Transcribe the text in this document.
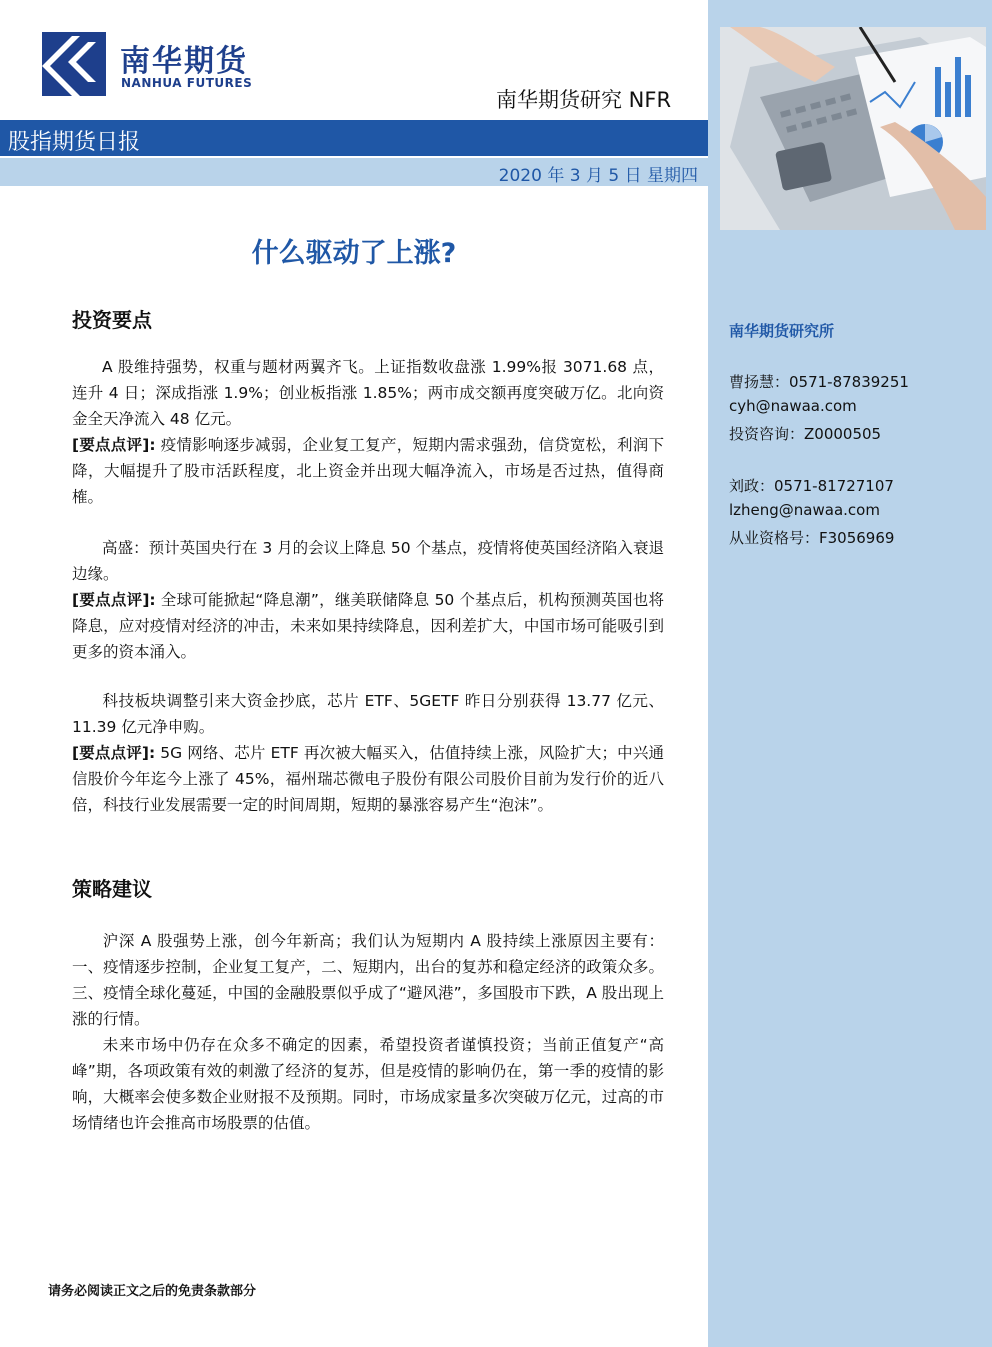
南华期货
NANHUA FUTURES
南华期货研究 NFR
股指期货日报
2020 年 3 月 5 日 星期四
什么驱动了上涨?
投资要点
A 股维持强势，权重与题材两翼齐飞。上证指数收盘涨 1.99%报 3071.68 点，连升 4 日；深成指涨 1.9%；创业板指涨 1.85%；两市成交额再度突破万亿。北向资金全天净流入 48 亿元。
[要点点评]: 疫情影响逐步减弱，企业复工复产，短期内需求强劲，信贷宽松，利润下降，大幅提升了股市活跃程度，北上资金并出现大幅净流入，市场是否过热，值得商榷。
高盛：预计英国央行在 3 月的会议上降息 50 个基点，疫情将使英国经济陷入衰退边缘。
[要点点评]: 全球可能掀起“降息潮”，继美联储降息 50 个基点后，机构预测英国也将降息，应对疫情对经济的冲击，未来如果持续降息，因利差扩大，中国市场可能吸引到更多的资本涌入。
科技板块调整引来大资金抄底，芯片 ETF、5GETF 昨日分别获得 13.77 亿元、11.39 亿元净申购。
[要点点评]: 5G 网络、芯片 ETF 再次被大幅买入，估值持续上涨，风险扩大；中兴通信股价今年迄今上涨了 45%，福州瑞芯微电子股份有限公司股价目前为发行价的近八倍，科技行业发展需要一定的时间周期，短期的暴涨容易产生“泡沫”。
策略建议
沪深 A 股强势上涨，创今年新高；我们认为短期内 A 股持续上涨原因主要有：一、疫情逐步控制，企业复工复产，二、短期内，出台的复苏和稳定经济的政策众多。三、疫情全球化蔓延，中国的金融股票似乎成了“避风港”，多国股市下跌，A 股出现上涨的行情。
未来市场中仍存在众多不确定的因素，希望投资者谨慎投资；当前正值复产“高峰”期，各项政策有效的刺激了经济的复苏，但是疫情的影响仍在，第一季的疫情的影响，大概率会使多数企业财报不及预期。同时，市场成家量多次突破万亿元，过高的市场情绪也许会推高市场股票的估值。
南华期货研究所
曹扬慧：0571-87839251
cyh@nawaa.com
投资咨询：Z0000505
刘政：0571-81727107
lzheng@nawaa.com
从业资格号：F3056969
请务必阅读正文之后的免责条款部分
